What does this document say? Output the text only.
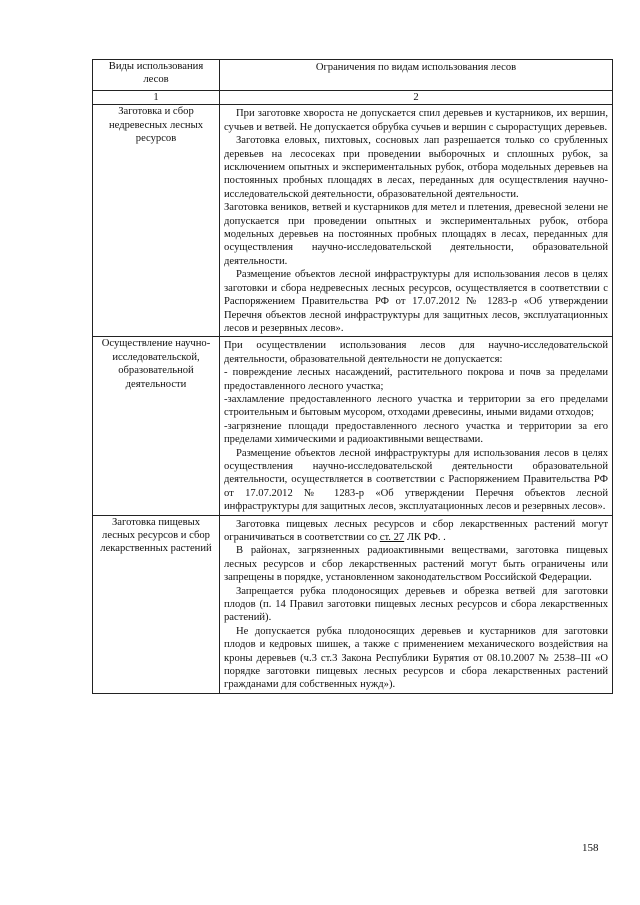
Виды использования лесов	Ограничения по видам использования лесов
1	2
Заготовка и сбор недревесных лесных ресурсов	При заготовке хвороста не допускается спил деревьев и кустарников, их вершин, сучьев и ветвей. Не допускается обрубка сучьев и вершин с сырорастущих деревьев.

Заготовка еловых, пихтовых, сосновых лап разрешается только со срубленных деревьев на лесосеках при проведении выборочных и сплошных рубок, за исключением опытных и экспериментальных рубок, отбора модельных деревьев на постоянных пробных площадях в лесах, переданных для осуществления научно-исследовательской деятельности, образовательной деятельности.

Заготовка веников, ветвей и кустарников для метел и плетения, древесной зелени не допускается при проведении опытных и экспериментальных рубок, отбора модельных деревьев на постоянных пробных площадях в лесах, переданных для осуществления научно-исследовательской деятельности, образовательной деятельности.

Размещение объектов лесной инфраструктуры для использования лесов в целях заготовки и сбора недревесных лесных ресурсов, осуществляется в соответствии с Распоряжением Правительства РФ от 17.07.2012 № 1283-р «Об утверждении Перечня объектов лесной инфраструктуры для защитных лесов, эксплуатационных лесов и резервных лесов».

Осуществление научно-исследовательской, образовательной деятельности	При осуществлении использования лесов для научно-исследовательской деятельности, образовательной деятельности не допускается:

- повреждение лесных насаждений, растительного покрова и почв за пределами предоставленного лесного участка;

-захламление предоставленного лесного участка и территории за его пределами строительным и бытовым мусором, отходами древесины, иными видами отходов;

-загрязнение площади предоставленного лесного участка и территории за его пределами химическими и радиоактивными веществами.

Размещение объектов лесной инфраструктуры для использования лесов в целях осуществления научно-исследовательской деятельности образовательной деятельности, осуществляется в соответствии с Распоряжением Правительства РФ от 17.07.2012 № 1283-р «Об утверждении Перечня объектов лесной инфраструктуры для защитных лесов, эксплуатационных лесов и резервных лесов».

Заготовка пищевых лесных ресурсов и сбор лекарственных растений	Заготовка пищевых лесных ресурсов и сбор лекарственных растений могут ограничиваться в соответствии со ст. 27 ЛК РФ. .

В районах, загрязненных радиоактивными веществами, заготовка пищевых лесных ресурсов и сбор лекарственных растений могут быть ограничены или запрещены в порядке, установленном законодательством Российской Федерации.

Запрещается рубка плодоносящих деревьев и обрезка ветвей для заготовки плодов (п. 14 Правил заготовки пищевых лесных ресурсов и сбора лекарственных растений).

Не допускается рубка плодоносящих деревьев и кустарников для заготовки плодов и кедровых шишек, а также с применением механического воздействия на кроны деревьев (ч.3 ст.3 Закона Республики Бурятия от 08.10.2007 № 2538–III «О порядке заготовки пищевых лесных ресурсов и сбора лекарственных растений гражданами для собственных нужд»).

158
